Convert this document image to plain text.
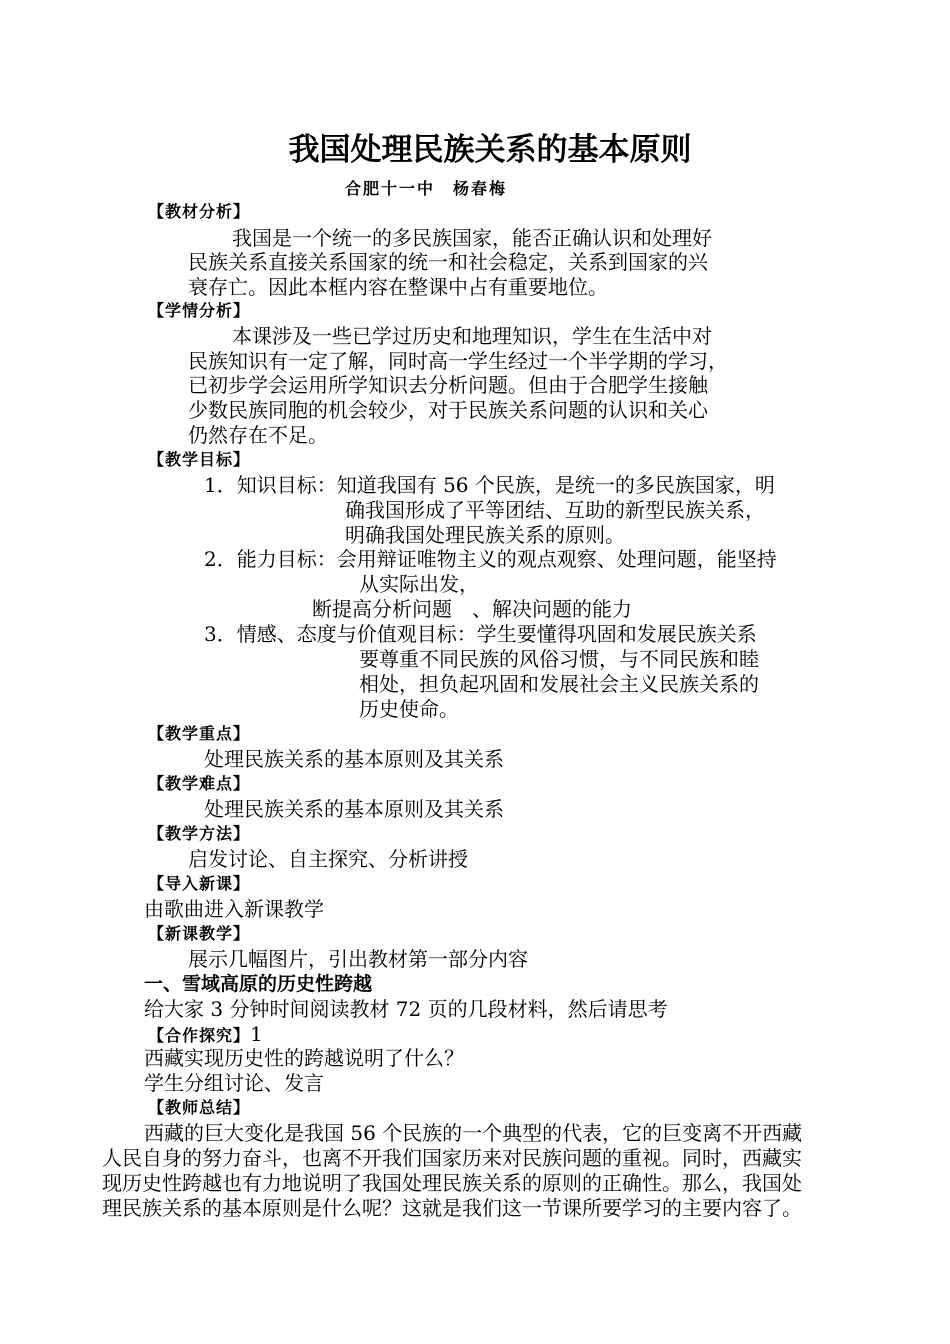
我国处理民族关系的基本原则
合肥十一中　杨春梅
【教材分析】
我国是一个统一的多民族国家，能否正确认识和处理好
民族关系直接关系国家的统一和社会稳定，关系到国家的兴
衰存亡。因此本框内容在整课中占有重要地位。
【学情分析】
本课涉及一些已学过历史和地理知识，学生在生活中对
民族知识有一定了解，同时高一学生经过一个半学期的学习，
已初步学会运用所学知识去分析问题。但由于合肥学生接触
少数民族同胞的机会较少，对于民族关系问题的认识和关心
仍然存在不足。
【教学目标】
1．知识目标：知道我国有 56 个民族，是统一的多民族国家，明
确我国形成了平等团结、互助的新型民族关系，
明确我国处理民族关系的原则。
2．能力目标：会用辩证唯物主义的观点观察、处理问题，能坚持
从实际出发，
断提高分析问题　、解决问题的能力
3．情感、态度与价值观目标：学生要懂得巩固和发展民族关系
要尊重不同民族的风俗习惯，与不同民族和睦
相处，担负起巩固和发展社会主义民族关系的
历史使命。
【教学重点】
处理民族关系的基本原则及其关系
【教学难点】
处理民族关系的基本原则及其关系
【教学方法】
启发讨论、自主探究、分析讲授
【导入新课】
由歌曲进入新课教学
【新课教学】
展示几幅图片，引出教材第一部分内容
一、雪域高原的历史性跨越
给大家 3 分钟时间阅读教材 72 页的几段材料，然后请思考
【合作探究】1
西藏实现历史性的跨越说明了什么？
学生分组讨论、发言
【教师总结】
西藏的巨大变化是我国 56 个民族的一个典型的代表，它的巨变离不开西藏
人民自身的努力奋斗，也离不开我们国家历来对民族问题的重视。同时，西藏实
现历史性跨越也有力地说明了我国处理民族关系的原则的正确性。那么，我国处
理民族关系的基本原则是什么呢？这就是我们这一节课所要学习的主要内容了。
